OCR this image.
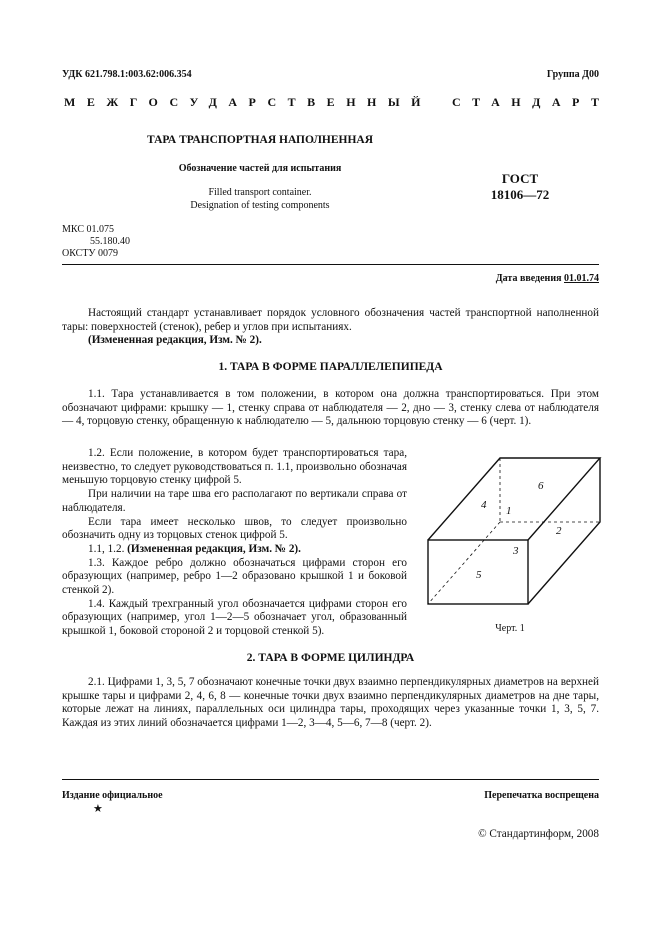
УДК 621.798.1:003.62:006.354	Группа Д00
МЕЖГОСУДАРСТВЕННЫЙ СТАНДАРТ
ТАРА ТРАНСПОРТНАЯ НАПОЛНЕННАЯ
Обозначение частей для испытания
Filled transport container.
Designation of testing components
ГОСТ
18106—72
МКС 01.075
55.180.40
ОКСТУ 0079
Дата введения 01.01.74

Настоящий стандарт устанавливает порядок условного обозначения частей транспортной наполненной тары: поверхностей (стенок), ребер и углов при испытаниях.

(Измененная редакция, Изм. № 2).

1. ТАРА В ФОРМЕ ПАРАЛЛЕЛЕПИПЕДА

1.1. Тара устанавливается в том положении, в котором она должна транспортироваться. При этом обозначают цифрами: крышку — 1, стенку справа от наблюдателя — 2, дно — 3, стенку слева от наблюдателя — 4, торцовую стенку, обращенную к наблюдателю — 5, дальнюю торцовую стенку — 6 (черт. 1).

1.2. Если положение, в котором будет транспортироваться тара, неизвестно, то следует руководствоваться п. 1.1, произвольно обозначая меньшую торцовую стенку цифрой 5.

При наличии на таре шва его располагают по вертикали справа от наблюдателя.

Если тара имеет несколько швов, то следует произвольно обозначить одну из торцовых стенок цифрой 5.

1.1, 1.2. (Измененная редакция, Изм. № 2).

1.3. Каждое ребро должно обозначаться цифрами сторон его образующих (например, ребро 1—2 образовано крышкой 1 и боковой стенкой 2).

1.4. Каждый трехгранный угол обозначается цифрами сторон его образующих (например, угол 1—2—5 обозначает угол, образованный крышкой 1, боковой стороной 2 и торцовой стенкой 5).

1
2
3
4
5
6
Черт. 1
2. ТАРА В ФОРМЕ ЦИЛИНДРА

2.1. Цифрами 1, 3, 5, 7 обозначают конечные точки двух взаимно перпендикулярных диаметров на верхней крышке тары и цифрами 2, 4, 6, 8 — конечные точки двух взаимно перпендикулярных диаметров на дне тары, которые лежат на линиях, параллельных оси цилиндра тары, проходящих через указанные точки 1, 3, 5, 7. Каждая из этих линий обозначается цифрами 1—2, 3—4, 5—6, 7—8 (черт. 2).

Издание официальное
★
Перепечатка воспрещена
© Стандартинформ, 2008
